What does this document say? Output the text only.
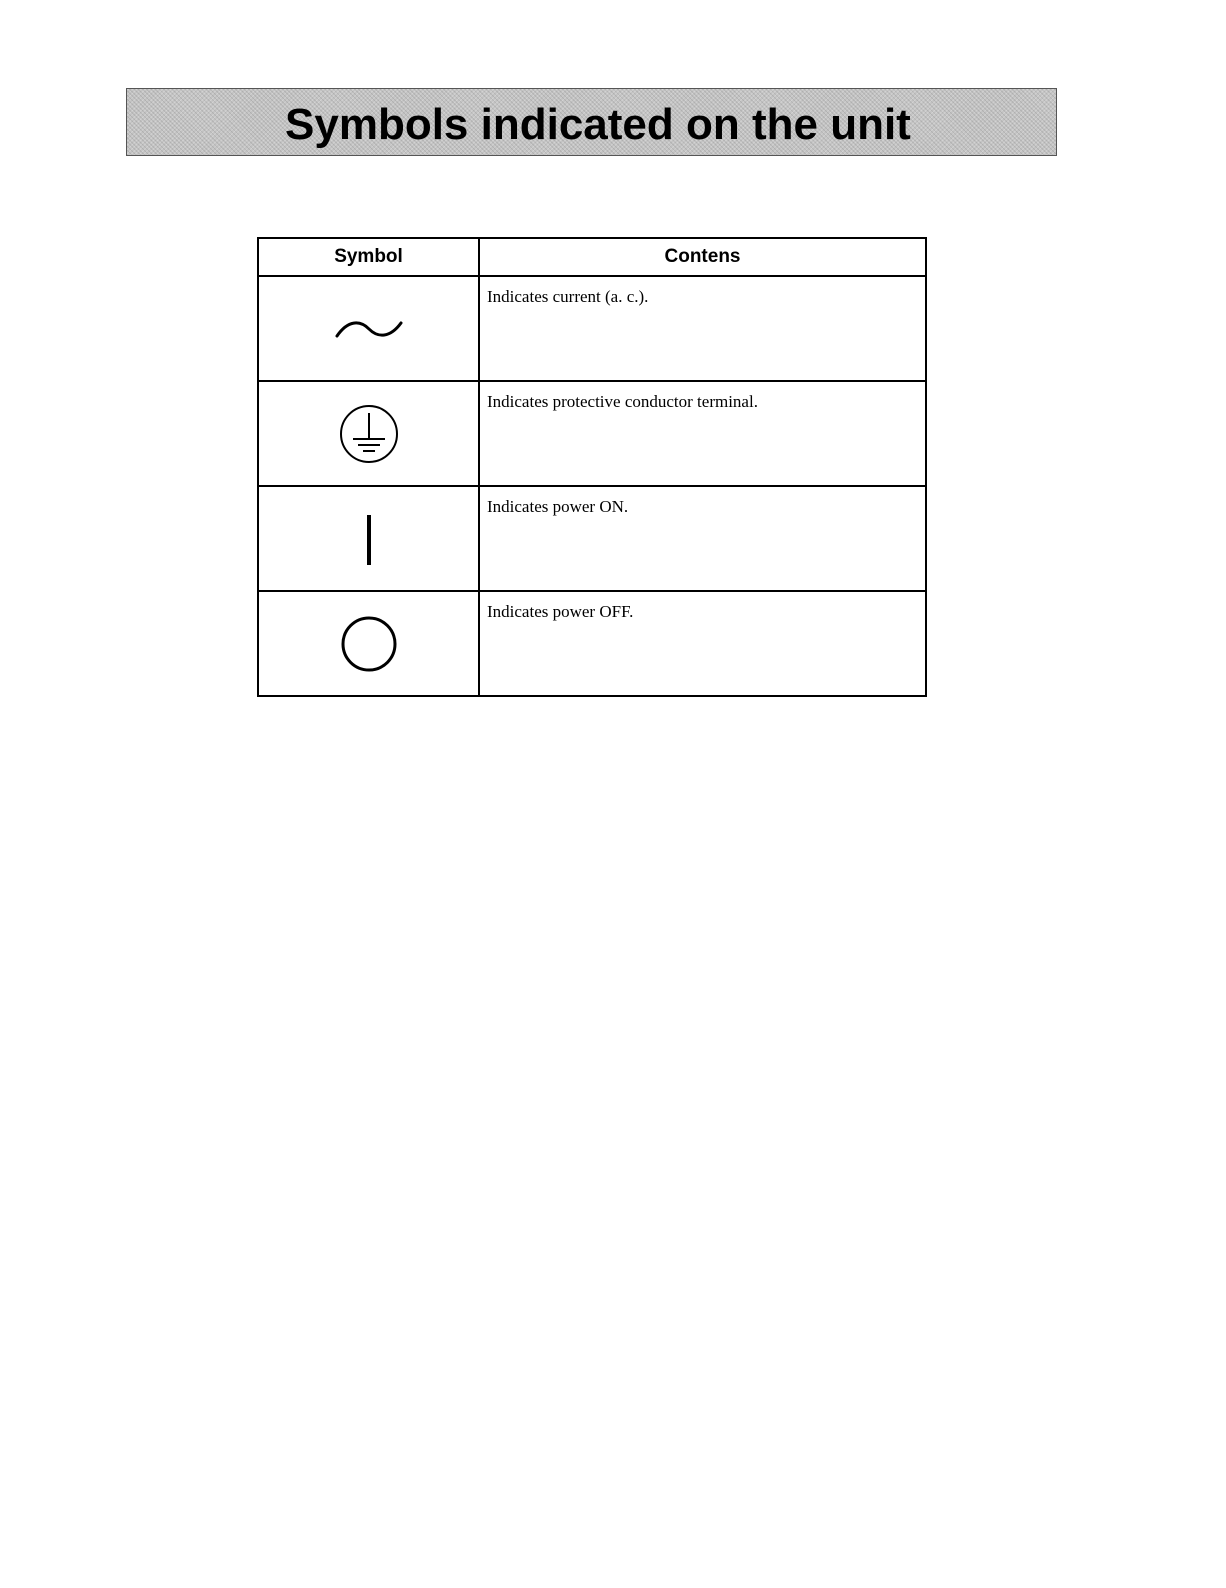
Symbols indicated on the unit
Symbol	Contens

	Indicates current (a. c.).

	Indicates protective conductor terminal.

	Indicates power ON.

	Indicates power OFF.
